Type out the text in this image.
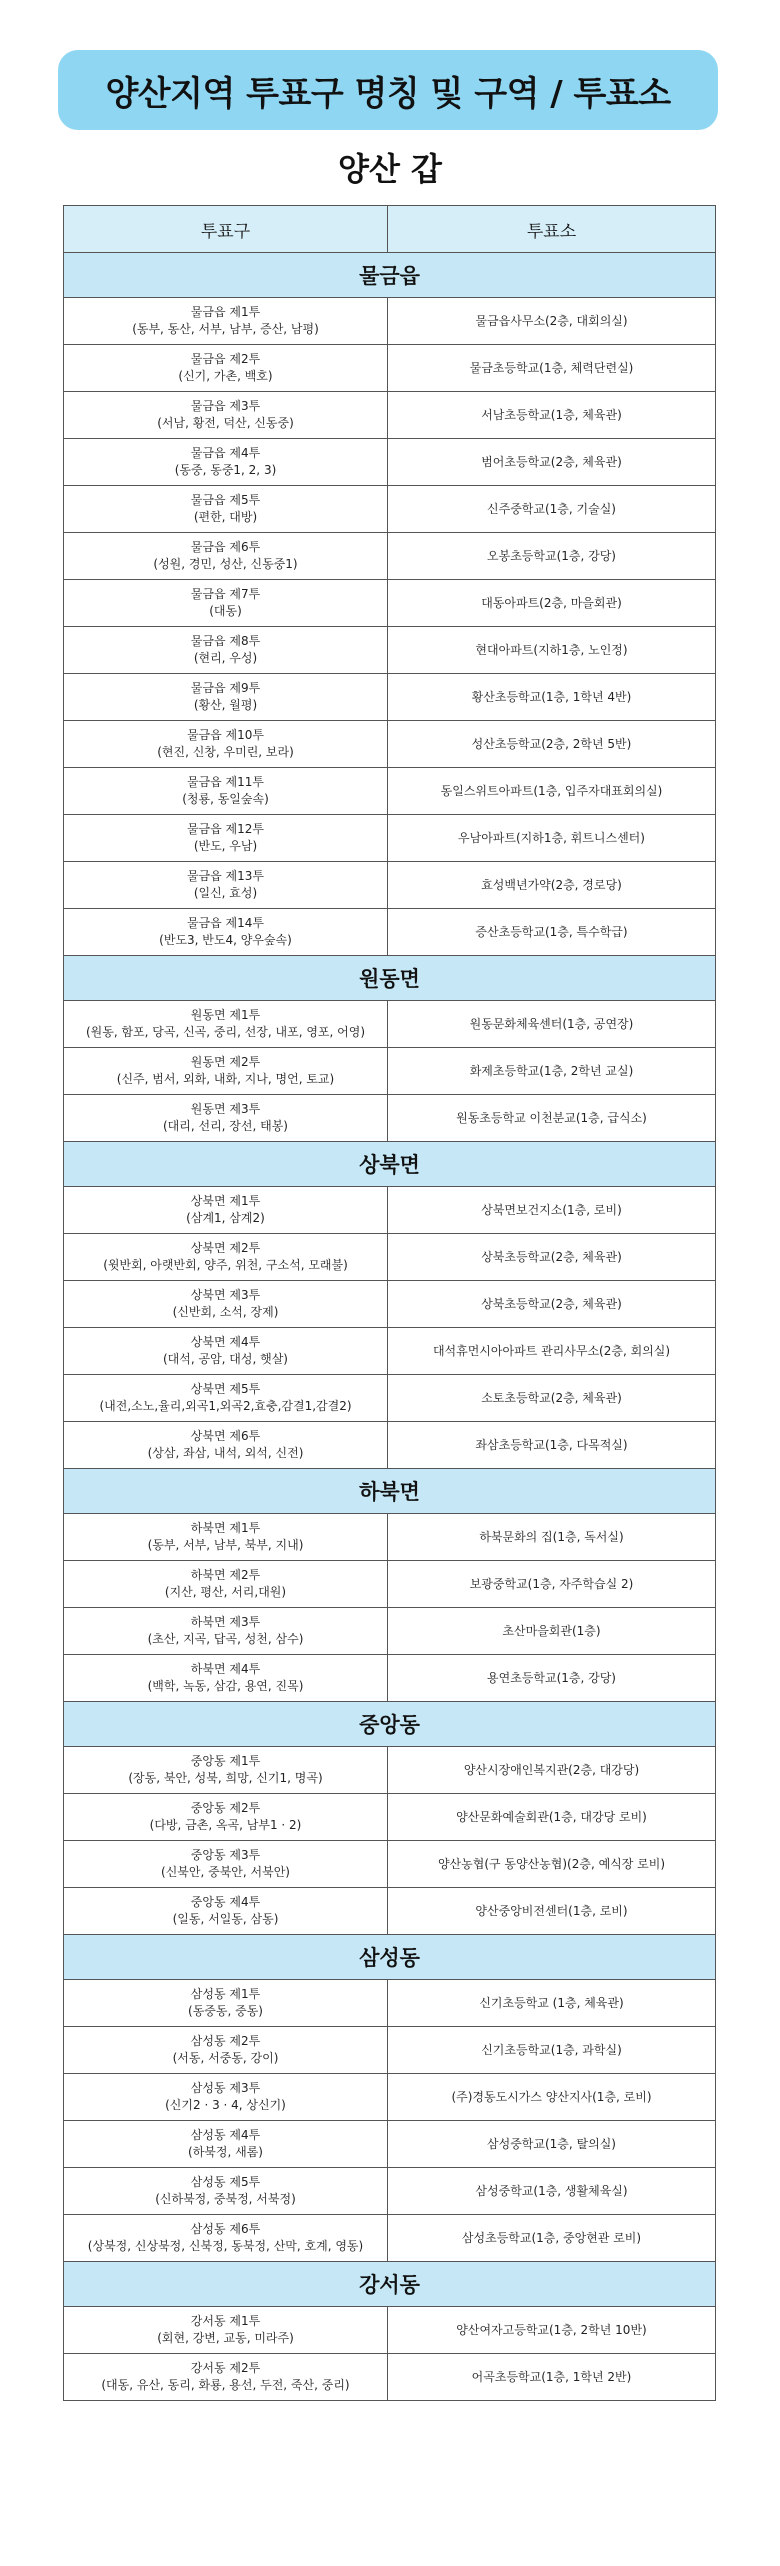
양산지역 투표구 명칭 및 구역 / 투표소
양산 갑
투표구	투표소
물금읍	

물금읍 제1투
(동부, 동산, 서부, 남부, 증산, 남평)	물금읍사무소(2층, 대회의실)

물금읍 제2투
(신기, 가촌, 백호)	물금초등학교(1층, 체력단련실)

물금읍 제3투
(서남, 황전, 덕산, 신동중)	서남초등학교(1층, 체육관)

물금읍 제4투
(동중, 동중1, 2, 3)	범어초등학교(2층, 체육관)

물금읍 제5투
(편한, 대방)	신주중학교(1층, 기술실)

물금읍 제6투
(성원, 경민, 성산, 신동중1)	오봉초등학교(1층, 강당)

물금읍 제7투
(대동)	대동아파트(2층, 마을회관)

물금읍 제8투
(현리, 우성)	현대아파트(지하1층, 노인정)

물금읍 제9투
(황산, 월평)	황산초등학교(1층, 1학년 4반)

물금읍 제10투
(현진, 신창, 우미린, 보라)	성산초등학교(2층, 2학년 5반)

물금읍 제11투
(청룡, 동일숲속)	동일스위트아파트(1층, 입주자대표회의실)

물금읍 제12투
(반도, 우남)	우남아파트(지하1층, 휘트니스센터)

물금읍 제13투
(일신, 효성)	효성백년가약(2층, 경로당)

물금읍 제14투
(반도3, 반도4, 양우숲속)	증산초등학교(1층, 특수학급)
원동면	

원동면 제1투
(원동, 함포, 당곡, 신곡, 중리, 선장, 내포, 영포, 어영)	원동문화체육센터(1층, 공연장)

원동면 제2투
(신주, 범서, 외화, 내화, 지나, 명언, 토교)	화제초등학교(1층, 2학년 교실)

원동면 제3투
(대리, 선리, 장선, 태봉)	원동초등학교 이천분교(1층, 급식소)
상북면	

상북면 제1투
(삼계1, 삼계2)	상북면보건지소(1층, 로비)

상북면 제2투
(윗반회, 아랫반회, 양주, 위천, 구소석, 모래불)	상북초등학교(2층, 체육관)

상북면 제3투
(신반회, 소석, 장제)	상북초등학교(2층, 체육관)

상북면 제4투
(대석, 공암, 대성, 햇살)	대석휴먼시아아파트 관리사무소(2층, 회의실)

상북면 제5투
(내전,소노,율리,외곡1,외곡2,효충,감결1,감결2)	소토초등학교(2층, 체육관)

상북면 제6투
(상삼, 좌삼, 내석, 외석, 신전)	좌삼초등학교(1층, 다목적실)
하북면	

하북면 제1투
(동부, 서부, 남부, 북부, 지내)	하북문화의 집(1층, 독서실)

하북면 제2투
(지산, 평산, 서리,대원)	보광중학교(1층, 자주학습실 2)

하북면 제3투
(초산, 지곡, 답곡, 성천, 삼수)	초산마을회관(1층)

하북면 제4투
(백학, 녹동, 삼감, 용연, 진목)	용연초등학교(1층, 강당)
중앙동	

중앙동 제1투
(장동, 북안, 성북, 희망, 신기1, 명곡)	양산시장애인복지관(2층, 대강당)

중앙동 제2투
(다방, 금촌, 옥곡, 남부1 · 2)	양산문화예술회관(1층, 대강당 로비)

중앙동 제3투
(신북안, 중북안, 서북안)	양산농협(구 동양산농협)(2층, 예식장 로비)

중앙동 제4투
(일동, 서일동, 삼동)	양산중앙비전센터(1층, 로비)
삼성동	

삼성동 제1투
(동중동, 중동)	신기초등학교 (1층, 체육관)

삼성동 제2투
(서동, 서중동, 강이)	신기초등학교(1층, 과학실)

삼성동 제3투
(신기2 · 3 · 4, 상신기)	(주)경동도시가스 양산지사(1층, 로비)

삼성동 제4투
(하북정, 새롬)	삼성중학교(1층, 탈의실)

삼성동 제5투
(신하북정, 중북정, 서북정)	삼성중학교(1층, 생활체육실)

삼성동 제6투
(상북정, 신상북정, 신북정, 동북정, 산막, 호계, 영동)	삼성초등학교(1층, 중앙현관 로비)
강서동	

강서동 제1투
(회현, 강변, 교동, 미라주)	양산여자고등학교(1층, 2학년 10반)

강서동 제2투
(대동, 유산, 동리, 화룡, 용선, 두전, 죽산, 중리)	어곡초등학교(1층, 1학년 2반)
